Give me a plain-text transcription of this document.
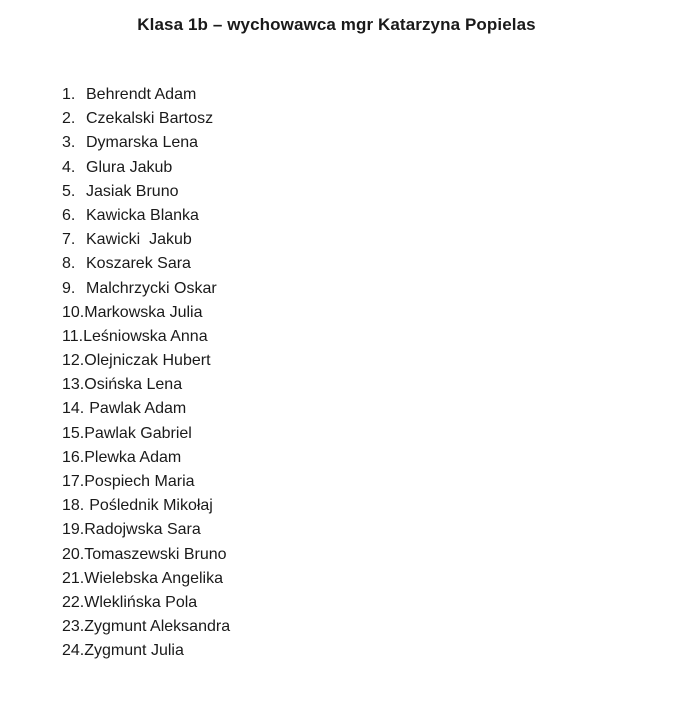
Klasa 1b – wychowawca mgr Katarzyna Popielas
1. Behrendt Adam
2. Czekalski Bartosz
3. Dymarska Lena
4. Glura Jakub
5. Jasiak Bruno
6. Kawicka Blanka
7. Kawicki  Jakub
8. Koszarek Sara
9. Malchrzycki Oskar
10.Markowska Julia
11.Leśniowska Anna
12.Olejniczak Hubert
13.Osińska Lena
14. Pawlak Adam
15.Pawlak Gabriel
16.Plewka Adam
17.Pospiech Maria
18. Poślednik Mikołaj
19.Radojwska Sara
20.Tomaszewski Bruno
21.Wielebska Angelika
22.Wleklińska Pola
23.Zygmunt Aleksandra
24.Zygmunt Julia
